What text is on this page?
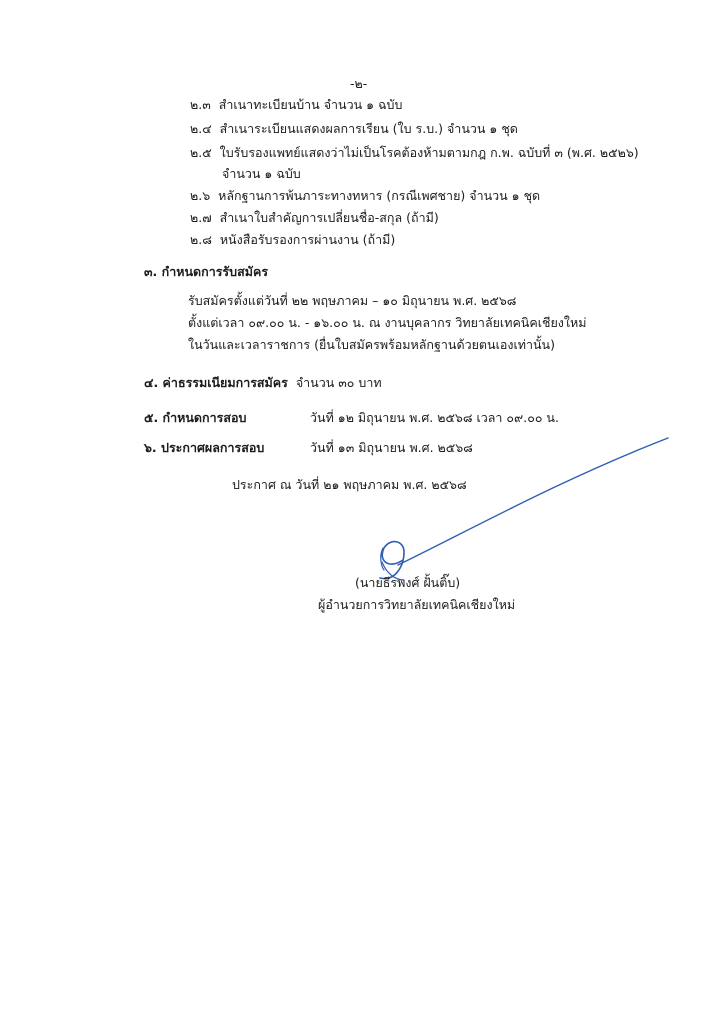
-๒-
๒.๓ สำเนาทะเบียนบ้าน จำนวน ๑ ฉบับ
๒.๔ สำเนาระเบียนแสดงผลการเรียน (ใบ ร.บ.) จำนวน ๑ ชุด
๒.๕ ใบรับรองแพทย์แสดงว่าไม่เป็นโรคต้องห้ามตามกฎ ก.พ. ฉบับที่ ๓ (พ.ศ. ๒๕๒๖)
จำนวน ๑ ฉบับ
๒.๖ หลักฐานการพ้นภาระทางทหาร (กรณีเพศชาย) จำนวน ๑ ชุด
๒.๗ สำเนาใบสำคัญการเปลี่ยนชื่อ-สกุล (ถ้ามี)
๒.๘ หนังสือรับรองการผ่านงาน (ถ้ามี)
๓. กำหนดการรับสมัคร
รับสมัครตั้งแต่วันที่ ๒๒ พฤษภาคม – ๑๐ มิถุนายน พ.ศ. ๒๕๖๘
ตั้งแต่เวลา ๐๙.๐๐ น. - ๑๖.๐๐ น. ณ งานบุคลากร วิทยาลัยเทคนิคเชียงใหม่
ในวันและเวลาราชการ (ยื่นใบสมัครพร้อมหลักฐานด้วยตนเองเท่านั้น)
๔. ค่าธรรมเนียมการสมัคร จำนวน ๓๐ บาท
๕. กำหนดการสอบ	วันที่ ๑๒ มิถุนายน พ.ศ. ๒๕๖๘ เวลา ๐๙.๐๐ น.
๖. ประกาศผลการสอบ	วันที่ ๑๓ มิถุนายน พ.ศ. ๒๕๖๘
ประกาศ ณ วันที่ ๒๑ พฤษภาคม พ.ศ. ๒๕๖๘
(นายธีรพงศ์ ฝั้นติ๊บ)
ผู้อำนวยการวิทยาลัยเทคนิคเชียงใหม่
